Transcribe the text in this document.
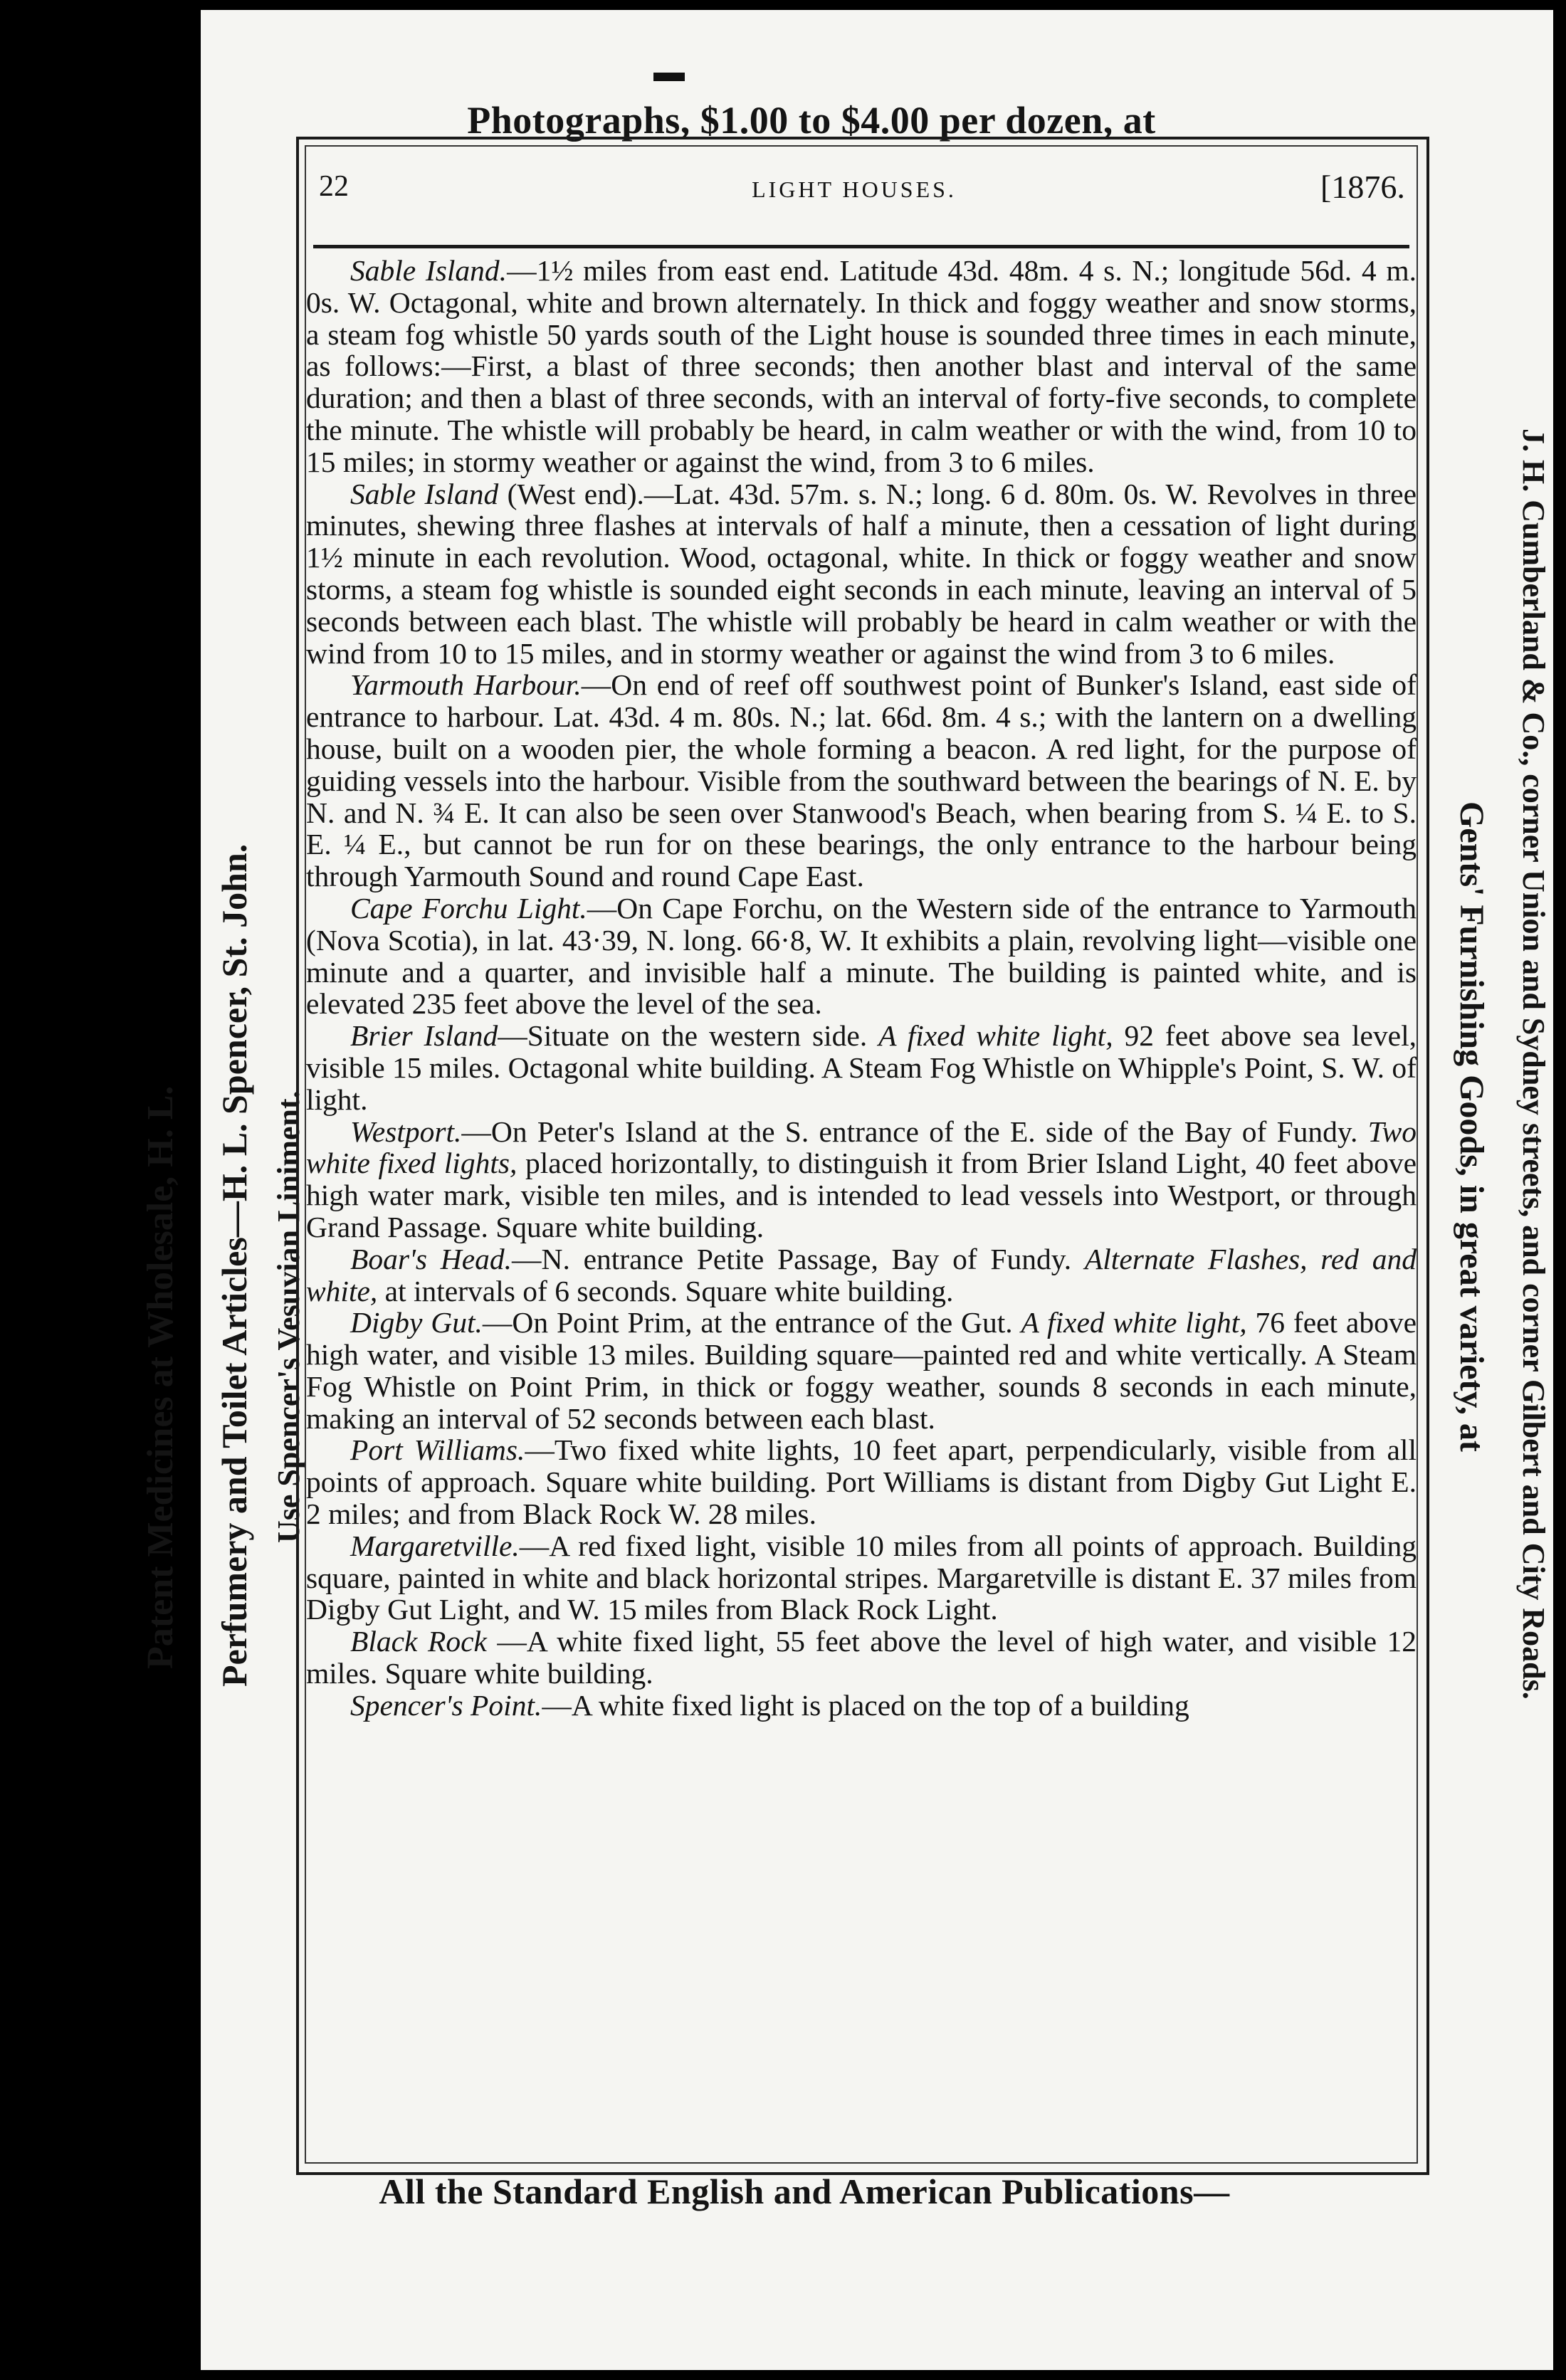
Photographs, $1.00 to $4.00 per dozen, at
Patent Medicines at Wholesale, H. L. Perfumery and Toilet Articles—H. L. Spencer, St. John. Use Spencer's Vesuvian Liniment.	Gents' Furnishing Goods, in great variety, at J. H. Cumberland & Co., corner Union and Sydney streets, and corner Gilbert and City Roads.
22	LIGHT HOUSES.	[1876.

Sable Island.—1½ miles from east end. Latitude 43d. 48m. 4 s. N.; longitude 56d. 4 m. 0s. W. Octagonal, white and brown alternately. In thick and foggy weather and snow storms, a steam fog whistle 50 yards south of the Light house is sounded three times in each minute, as follows:—First, a blast of three seconds; then another blast and interval of the same duration; and then a blast of three seconds, with an interval of forty-five seconds, to complete the minute. The whistle will probably be heard, in calm weather or with the wind, from 10 to 15 miles; in stormy weather or against the wind, from 3 to 6 miles.

Sable Island (West end).—Lat. 43d. 57m. s. N.; long. 6 d. 80m. 0s. W. Revolves in three minutes, shewing three flashes at intervals of half a minute, then a cessation of light during 1½ minute in each revolution. Wood, octagonal, white. In thick or foggy weather and snow storms, a steam fog whistle is sounded eight seconds in each minute, leaving an interval of 5 seconds between each blast. The whistle will probably be heard in calm weather or with the wind from 10 to 15 miles, and in stormy weather or against the wind from 3 to 6 miles.

Yarmouth Harbour.—On end of reef off southwest point of Bunker's Island, east side of entrance to harbour. Lat. 43d. 4 m. 80s. N.; lat. 66d. 8m. 4 s.; with the lantern on a dwelling house, built on a wooden pier, the whole forming a beacon. A red light, for the purpose of guiding vessels into the harbour. Visible from the southward between the bearings of N. E. by N. and N. ¾ E. It can also be seen over Stanwood's Beach, when bearing from S. ¼ E. to S. E. ¼ E., but cannot be run for on these bearings, the only entrance to the harbour being through Yarmouth Sound and round Cape East.

Cape Forchu Light.—On Cape Forchu, on the Western side of the entrance to Yarmouth (Nova Scotia), in lat. 43·39, N. long. 66·8, W. It exhibits a plain, revolving light—visible one minute and a quarter, and invisible half a minute. The building is painted white, and is elevated 235 feet above the level of the sea.

Brier Island—Situate on the western side. A fixed white light, 92 feet above sea level, visible 15 miles. Octagonal white building. A Steam Fog Whistle on Whipple's Point, S. W. of light.

Westport.—On Peter's Island at the S. entrance of the E. side of the Bay of Fundy. Two white fixed lights, placed horizontally, to distinguish it from Brier Island Light, 40 feet above high water mark, visible ten miles, and is intended to lead vessels into Westport, or through Grand Passage. Square white building.

Boar's Head.—N. entrance Petite Passage, Bay of Fundy. Alternate Flashes, red and white, at intervals of 6 seconds. Square white building.

Digby Gut.—On Point Prim, at the entrance of the Gut. A fixed white light, 76 feet above high water, and visible 13 miles. Building square—painted red and white vertically. A Steam Fog Whistle on Point Prim, in thick or foggy weather, sounds 8 seconds in each minute, making an interval of 52 seconds between each blast.

Port Williams.—Two fixed white lights, 10 feet apart, perpendicularly, visible from all points of approach. Square white building. Port Williams is distant from Digby Gut Light E. 2 miles; and from Black Rock W. 28 miles.

Margaretville.—A red fixed light, visible 10 miles from all points of approach. Building square, painted in white and black horizontal stripes. Margaretville is distant E. 37 miles from Digby Gut Light, and W. 15 miles from Black Rock Light.

Black Rock —A white fixed light, 55 feet above the level of high water, and visible 12 miles. Square white building.

Spencer's Point.—A white fixed light is placed on the top of a building

All the Standard English and American Publications—
